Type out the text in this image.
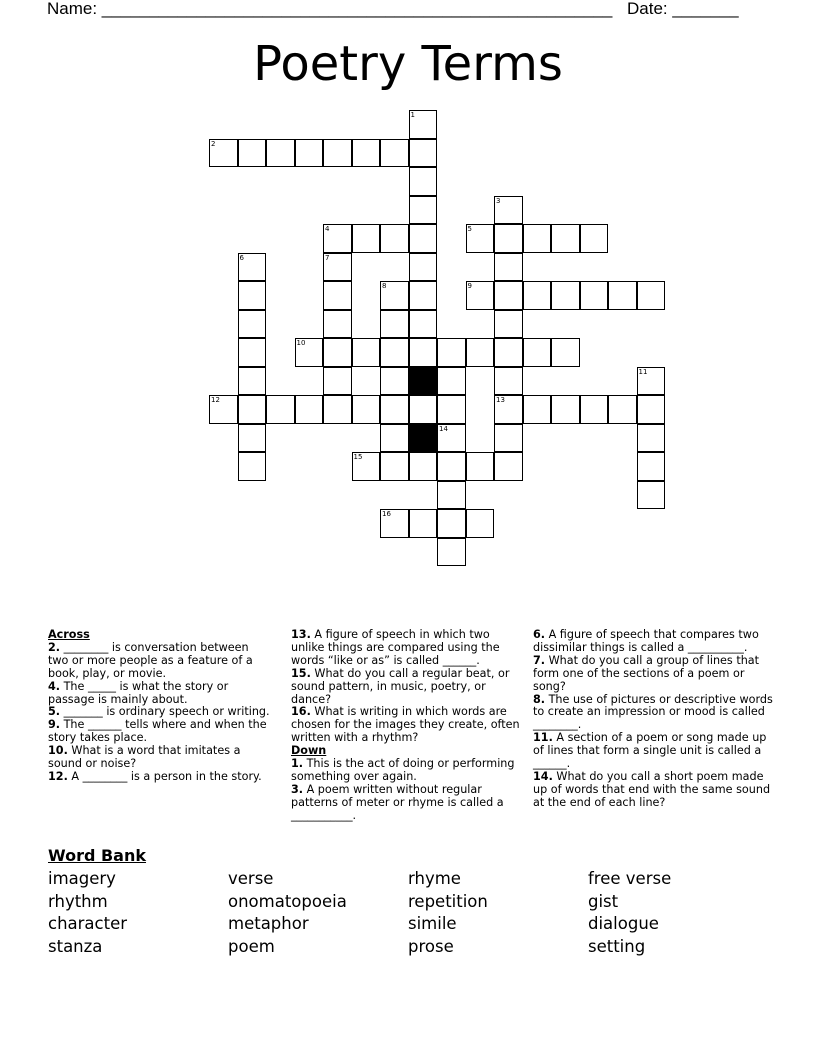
Name: ______________________________________________________ Date: _______
Poetry Terms
1
2
3
4	5
6	7
8	9
10
11
12	13
14
15
16

Across

2. ________ is conversation between two or more people as a feature of a book, play, or movie.

4. The _____ is what the story or passage is mainly about.

5. _______ is ordinary speech or writing.

9. The ______ tells where and when the story takes place.

10. What is a word that imitates a sound or noise?

12. A ________ is a person in the story.

13. A figure of speech in which two unlike things are compared using the words “like or as” is called ______.

15. What do you call a regular beat, or sound pattern, in music, poetry, or dance?

16. What is writing in which words are chosen for the images they create, often written with a rhythm?

Down

1. This is the act of doing or performing something over again.

3. A poem written without regular patterns of meter or rhyme is called a ___________.

6. A figure of speech that compares two dissimilar things is called a __________.

7. What do you call a group of lines that form one of the sections of a poem or song?

8. The use of pictures or descriptive words to create an impression or mood is called ________.

11. A section of a poem or song made up of lines that form a single unit is called a ______.

14. What do you call a short poem made up of words that end with the same sound at the end of each line?

Word Bank
imagery	verse	rhyme	free verse
rhythm	onomatopoeia	repetition	gist
character	metaphor	simile	dialogue
stanza	poem	prose	setting
